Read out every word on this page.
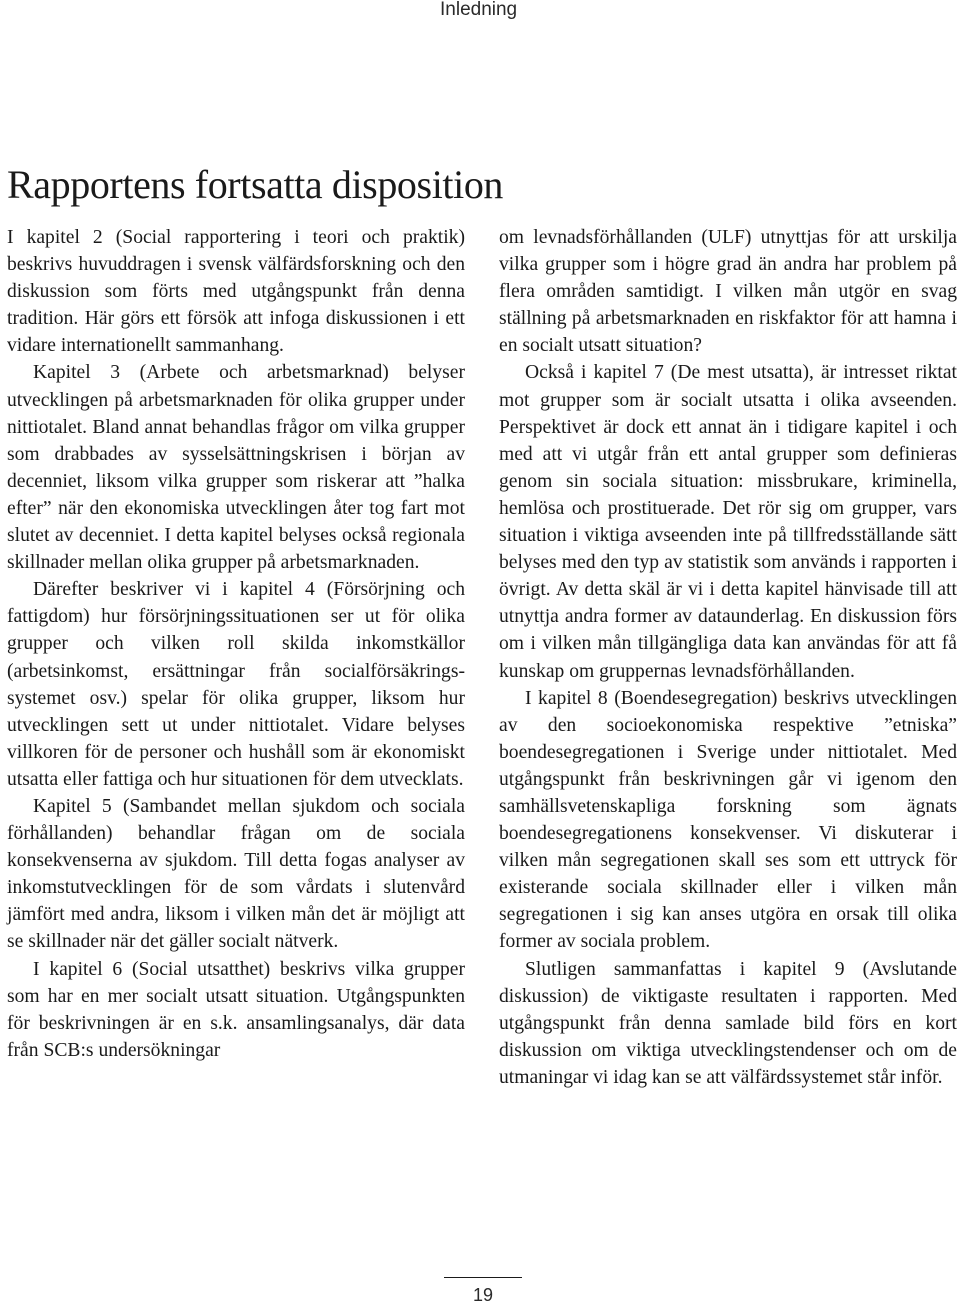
Inledning
Rapportens fortsatta disposition

I kapitel 2 (Social rapportering i teori och praktik) beskrivs huvuddragen i svensk välfärdsforskning och den diskussion som förts med utgångspunkt från denna tradition. Här görs ett försök att infoga diskussionen i ett vidare internationellt sammanhang.

Kapitel 3 (Arbete och arbetsmarknad) belyser utvecklingen på arbetsmarknaden för olika grupper under nittiotalet. Bland annat behandlas frågor om vilka grupper som drabbades av sysselsättningskrisen i början av decenniet, liksom vilka grupper som riskerar att ”halka efter” när den ekonomiska utvecklingen åter tog fart mot slutet av decenniet. I detta kapitel belyses också regionala skillnader mellan olika grupper på arbetsmarknaden.

Därefter beskriver vi i kapitel 4 (Försörjning och fattigdom) hur försörjningssituationen ser ut för olika grupper och vilken roll skilda inkomstkällor (arbetsinkomst, ersättningar från socialförsäkringssystemet osv.) spelar för olika grupper, liksom hur utvecklingen sett ut under nittiotalet. Vidare belyses villkoren för de personer och hushåll som är ekonomiskt utsatta eller fattiga och hur situationen för dem utvecklats.

Kapitel 5 (Sambandet mellan sjukdom och sociala förhållanden) behandlar frågan om de sociala konsekvenserna av sjukdom. Till detta fogas analyser av inkomstutvecklingen för de som vårdats i slutenvård jämfört med andra, liksom i vilken mån det är möjligt att se skillnader när det gäller socialt nätverk.

I kapitel 6 (Social utsatthet) beskrivs vilka grupper som har en mer socialt utsatt situation. Utgångspunkten för beskrivningen är en s.k. ansamlingsanalys, där data från SCB:s undersökningar

om levnadsförhållanden (ULF) utnyttjas för att urskilja vilka grupper som i högre grad än andra har problem på flera områden samtidigt. I vilken mån utgör en svag ställning på arbetsmarknaden en riskfaktor för att hamna i en socialt utsatt situation?

Också i kapitel 7 (De mest utsatta), är intresset riktat mot grupper som är socialt utsatta i olika avseenden. Perspektivet är dock ett annat än i tidigare kapitel i och med att vi utgår från ett antal grupper som definieras genom sin sociala situation: missbrukare, kriminella, hemlösa och prostituerade. Det rör sig om grupper, vars situation i viktiga avseenden inte på tillfredsställande sätt belyses med den typ av statistik som används i rapporten i övrigt. Av detta skäl är vi i detta kapitel hänvisade till att utnyttja andra former av dataunderlag. En diskussion förs om i vilken mån tillgängliga data kan användas för att få kunskap om gruppernas levnadsförhållanden.

I kapitel 8 (Boendesegregation) beskrivs utvecklingen av den socioekonomiska respektive ”etniska” boendesegregationen i Sverige under nittiotalet. Med utgångspunkt från beskrivningen går vi igenom den samhällsvetenskapliga forskning som ägnats boendesegregationens konsekvenser. Vi diskuterar i vilken mån segregationen skall ses som ett uttryck för existerande sociala skillnader eller i vilken mån segregationen i sig kan anses utgöra en orsak till olika former av sociala problem.

Slutligen sammanfattas i kapitel 9 (Avslutande diskussion) de viktigaste resultaten i rapporten. Med utgångspunkt från denna samlade bild förs en kort diskussion om viktiga utvecklingstendenser och om de utmaningar vi idag kan se att välfärdssystemet står inför.

19
